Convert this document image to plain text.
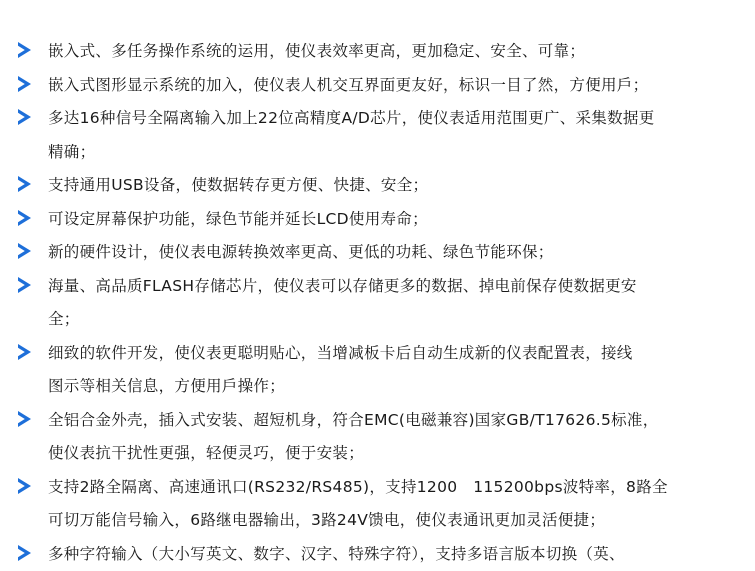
嵌入式、多任务操作系统的运用，使仪表效率更高，更加稳定、安全、可靠；
嵌入式图形显示系统的加入，使仪表人机交互界面更友好，标识一目了然，方便用戶；
多达16种信号全隔离输入加上22位高精度A/D芯片，使仪表适用范围更广、采集数据更
精确；
支持通用USB设备，使数据转存更方便、快捷、安全；
可设定屏幕保护功能，绿色节能并延长LCD使用寿命；
新的硬件设计，使仪表电源转换效率更高、更低的功耗、绿色节能环保；
海量、高品质FLASH存储芯片，使仪表可以存储更多的数据、掉电前保存使数据更安
全；
细致的软件开发，使仪表更聪明贴心，当增减板卡后自动生成新的仪表配置表，接线
图示等相关信息，方便用戶操作；
全铝合金外壳，插入式安装、超短机身，符合EMC(电磁兼容)国家GB/T17626.5标准，
使仪表抗干扰性更强，轻便灵巧，便于安装；
支持2路全隔离、高速通讯口(RS232/RS485)，支持1200　115200bps波特率，8路全
可切万能信号输入，6路继电器输出，3路24V馈电，使仪表通讯更加灵活便捷；
多种字符输入（大小写英文、数字、汉字、特殊字符），支持多语言版本切换（英、
